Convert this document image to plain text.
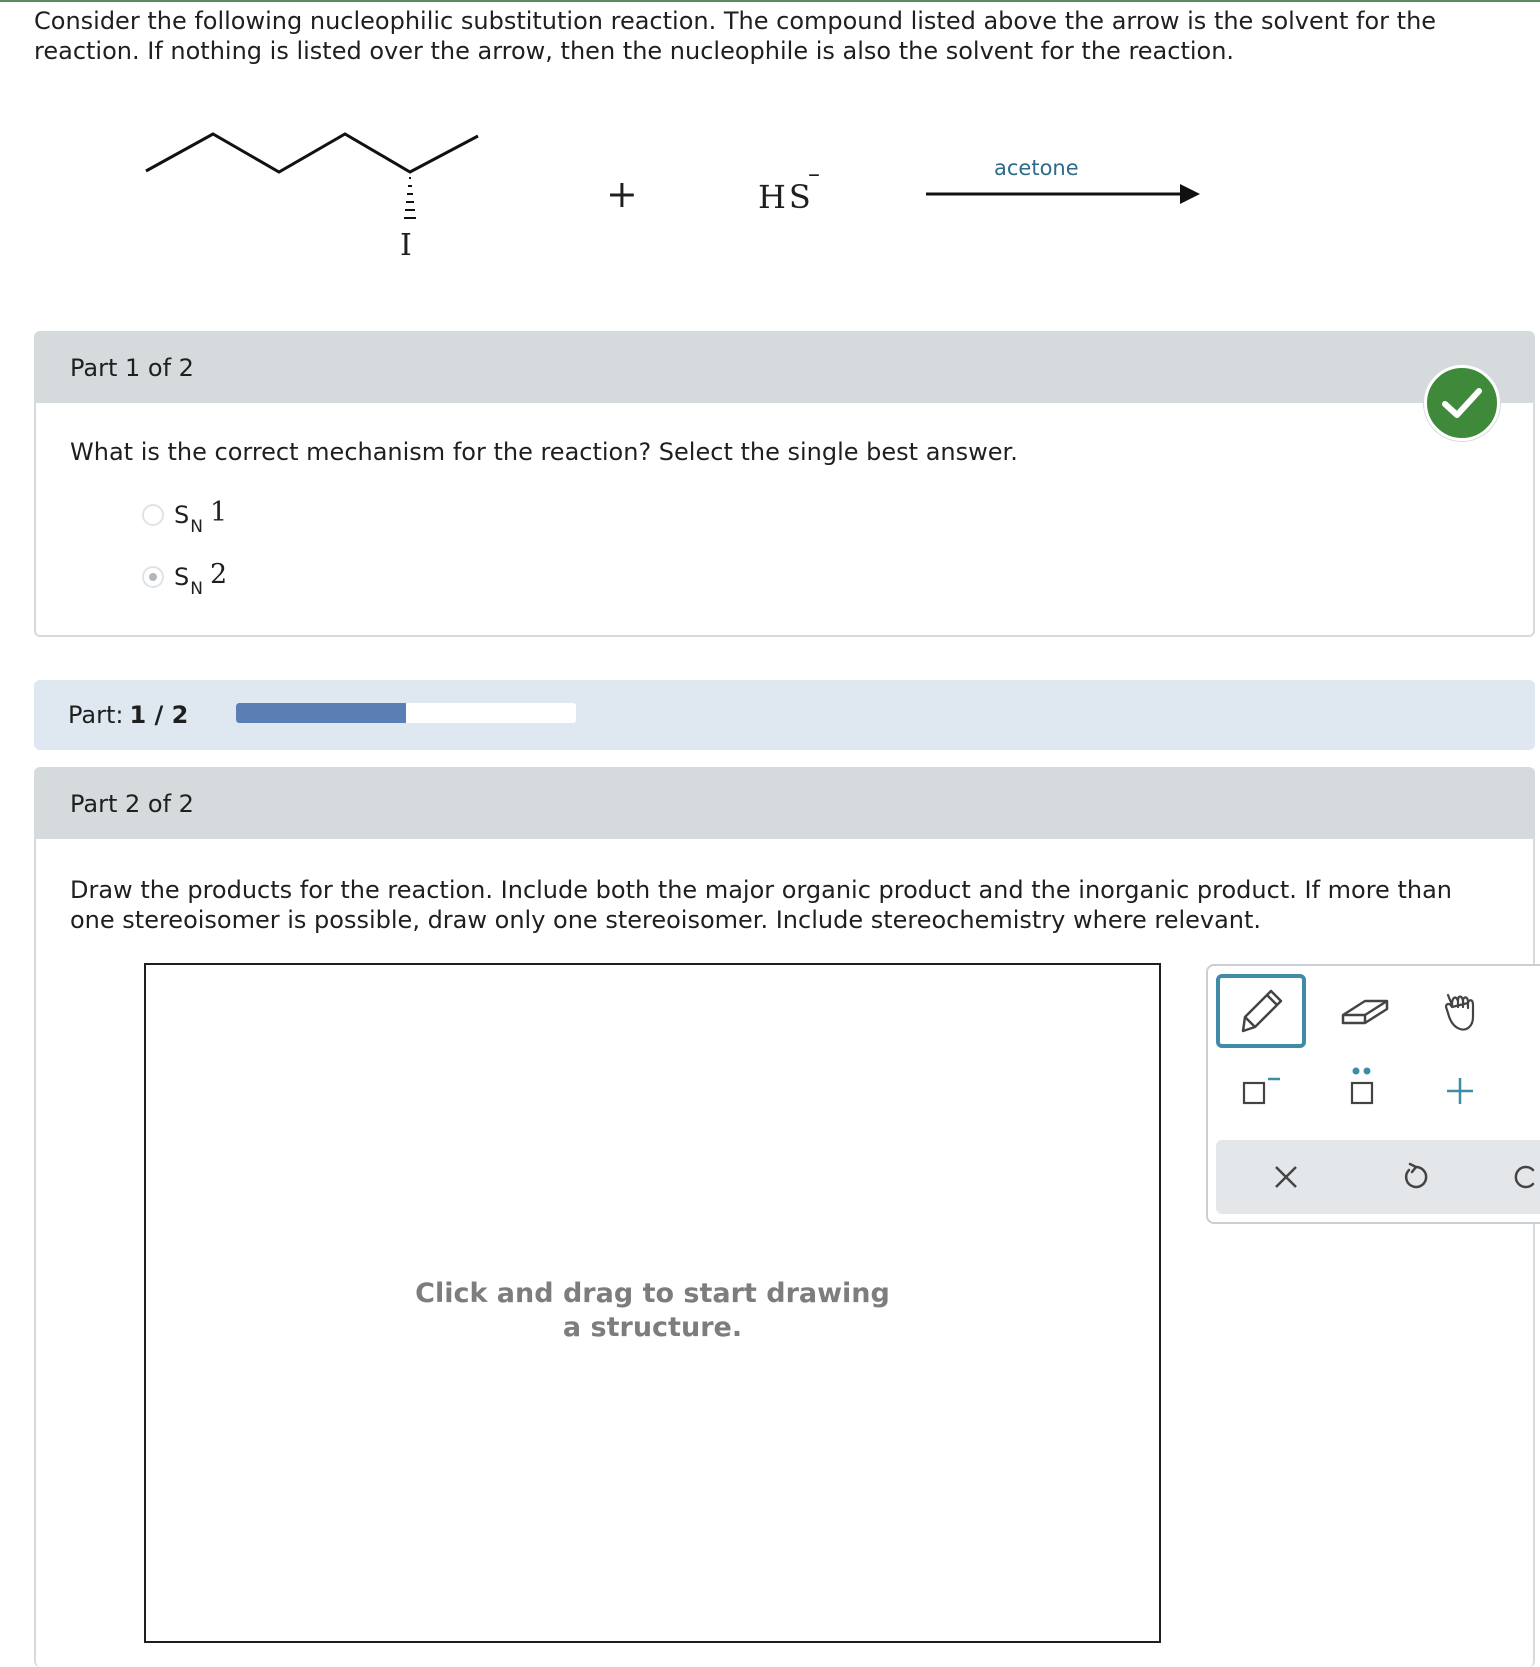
Consider the following nucleophilic substitution reaction. The compound listed above the arrow is the solvent for the reaction. If nothing is listed over the arrow, then the nucleophile is also the solvent for the reaction.

I
+	HS
–	acetone
Part 1 of 2

What is the correct mechanism for the reaction? Select the single best answer.

S N 1
S N 2
Part: 1 / 2
Part 2 of 2

Draw the products for the reaction. Include both the major organic product and the inorganic product. If more than one stereoisomer is possible, draw only one stereoisomer. Include stereochemistry where relevant.

Click and drag to start drawing
a structure.
